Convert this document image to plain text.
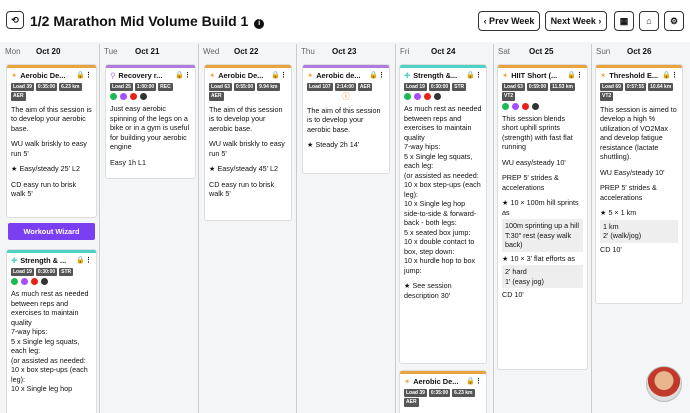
⟲ 1/2 Marathon Mid Volume Build 1 i	‹ Prev Week	Next Week ›	▦	⌂	⚙
Mon Oct 20	Tue Oct 21	Wed Oct 22	Thu Oct 23	Fri	Oct 24	Sat Oct 25	Sun Oct 26
✶ Aerobic De...	🔒⋮
Load 39	0:35:00	6.23 km
AER

The aim of this session is to develop your aerobic base.

WU walk briskly to easy run 5'

★ Easy/steady 25' L2

CD easy run to brisk walk 5'

Workout Wizard
✚ Strength & ...	🔒⋮
Load 19	0:30:00	STR
As much rest as needed between reps and exercises to maintain quality
7-way hips:
5 x Single leg squats, each leg:
(or assisted as needed:
10 x box step-ups (each leg):
10 x Single leg hop
⚲ Recovery r...	🔒⋮
Load 25	1:00:00	REC

Just easy aerobic spinning of the legs on a bike or in a gym is useful for building your aerobic engine

Easy 1h L1

✶ Aerobic De...	🔒⋮
Load 63	0:55:00	9.94 km
AER

The aim of this session is to develop your aerobic base.

WU walk briskly to easy run 5'

★ Easy/steady 45' L2

CD easy run to brisk walk 5'

✶ Aerobic de...	🔒⋮
Load 107	2:14:00	AER
ⓘ

The aim of this session is to develop your aerobic base.

★ Steady 2h 14'

✚ Strength &...	🔒⋮
Load 19	0:30:00	STR
As much rest as needed between reps and exercises to maintain quality
7-way hips:
5 x Single leg squats, each leg:
(or assisted as needed:
10 x box step-ups (each leg):
10 x Single leg hop side-to-side & forward-back - both legs:
5 x seated box jump:
10 x double contact to box, step down:
10 x hurdle hop to box jump:
★ See session description 30'
✶ Aerobic De...	🔒⋮
Load 39	0:35:00	6.23 km
AER
✶ HIIT Short (...	🔒⋮
Load 63	0:59:00	11.53 km
VT2

This session blends short uphill sprints (strength) with fast flat running

WU easy/steady 10'

PREP 5' strides & accelerations

★ 10 × 100m hill sprints as
100m sprinting up a hill T:30" rest (easy walk back)
★ 10 × 3' flat efforts as
2' hard
1' (easy jog)
CD 10'
✶ Threshold E... 🔒⋮
Load 69	0:57:55	10.64 km
VT2

This session is aimed to develop a high % utilization of VO2Max and develop fatigue resistance (lactate shuttling).

WU Easy/steady 10'

PREP 5' strides & accelerations

★ 5 × 1 km
1 km
2' (walk/jog)
CD 10'
